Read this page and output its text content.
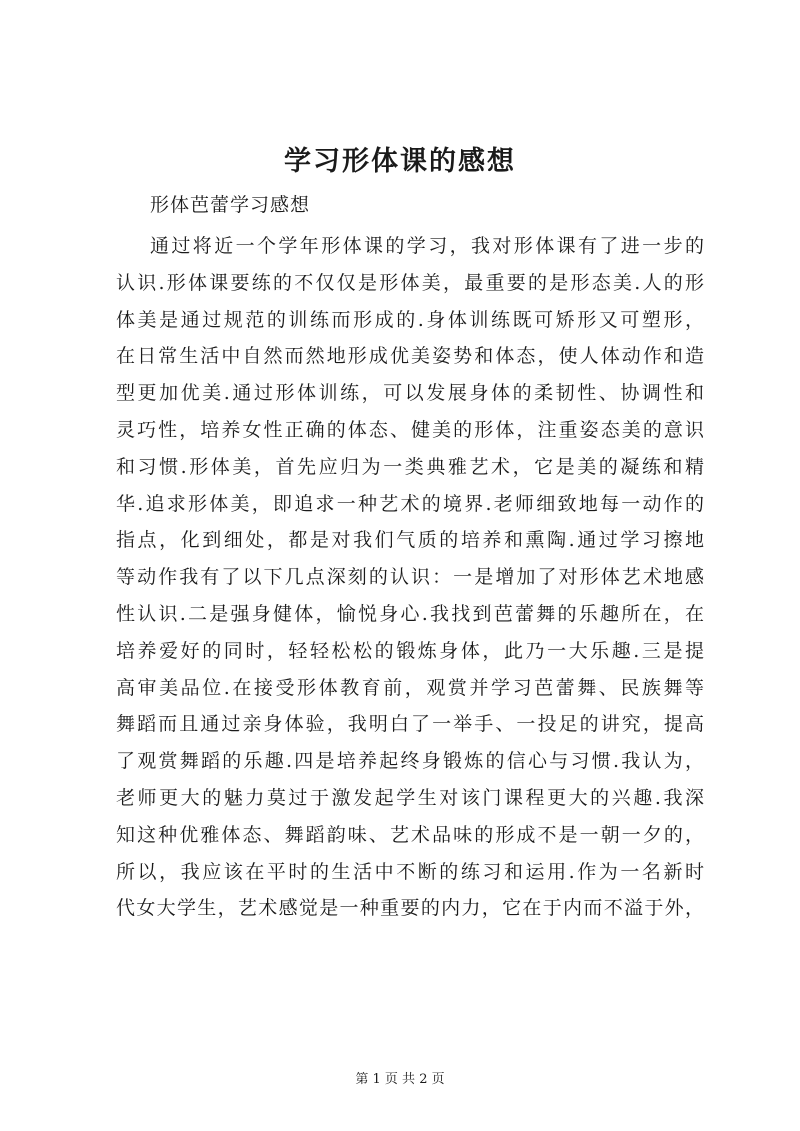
学习形体课的感想

形体芭蕾学习感想

通过将近一个学年形体课的学习，我对形体课有了进一步的
认识.形体课要练的不仅仅是形体美，最重要的是形态美.人的形
体美是通过规范的训练而形成的.身体训练既可矫形又可塑形，
在日常生活中自然而然地形成优美姿势和体态，使人体动作和造
型更加优美.通过形体训练，可以发展身体的柔韧性、协调性和
灵巧性，培养女性正确的体态、健美的形体，注重姿态美的意识
和习惯.形体美，首先应归为一类典雅艺术，它是美的凝练和精
华.追求形体美，即追求一种艺术的境界.老师细致地每一动作的
指点，化到细处，都是对我们气质的培养和熏陶.通过学习擦地
等动作我有了以下几点深刻的认识：一是增加了对形体艺术地感
性认识.二是强身健体，愉悦身心.我找到芭蕾舞的乐趣所在，在
培养爱好的同时，轻轻松松的锻炼身体，此乃一大乐趣.三是提
高审美品位.在接受形体教育前，观赏并学习芭蕾舞、民族舞等
舞蹈而且通过亲身体验，我明白了一举手、一投足的讲究，提高
了观赏舞蹈的乐趣.四是培养起终身锻炼的信心与习惯.我认为，
老师更大的魅力莫过于激发起学生对该门课程更大的兴趣.我深
知这种优雅体态、舞蹈韵味、艺术品味的形成不是一朝一夕的，
所以，我应该在平时的生活中不断的练习和运用.作为一名新时
代女大学生，艺术感觉是一种重要的内力，它在于内而不溢于外，
第 1 页 共 2 页
